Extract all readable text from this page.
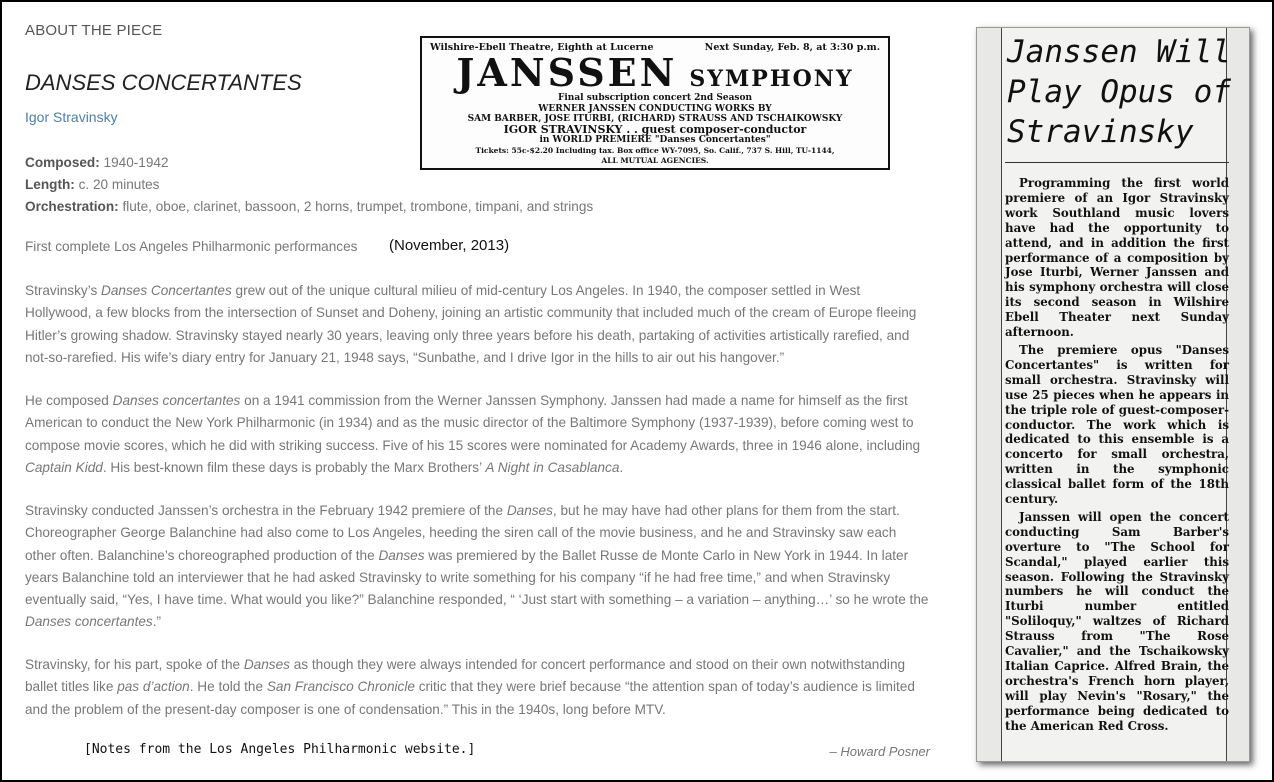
ABOUT THE PIECE
DANSES CONCERTANTES
Igor Stravinsky
Composed: 1940-1942
Length: c. 20 minutes
Orchestration: flute, oboe, clarinet, bassoon, 2 horns, trumpet, trombone, timpani, and strings
First complete Los Angeles Philharmonic performances (November, 2013)

Stravinsky’s Danses Concertantes grew out of the unique cultural milieu of mid-century Los Angeles. In 1940, the composer settled in West Hollywood, a few blocks from the intersection of Sunset and Doheny, joining an artistic community that included much of the cream of Europe fleeing Hitler’s growing shadow. Stravinsky stayed nearly 30 years, leaving only three years before his death, partaking of activities artistically rarefied, and not-so-rarefied. His wife’s diary entry for January 21, 1948 says, “Sunbathe, and I drive Igor in the hills to air out his hangover.”

He composed Danses concertantes on a 1941 commission from the Werner Janssen Symphony. Janssen had made a name for himself as the first American to conduct the New York Philharmonic (in 1934) and as the music director of the Baltimore Symphony (1937-1939), before coming west to compose movie scores, which he did with striking success. Five of his 15 scores were nominated for Academy Awards, three in 1946 alone, including Captain Kidd. His best-known film these days is probably the Marx Brothers’ A Night in Casablanca.

Stravinsky conducted Janssen’s orchestra in the February 1942 premiere of the Danses, but he may have had other plans for them from the start. Choreographer George Balanchine had also come to Los Angeles, heeding the siren call of the movie business, and he and Stravinsky saw each other often. Balanchine’s choreographed production of the Danses was premiered by the Ballet Russe de Monte Carlo in New York in 1944. In later years Balanchine told an interviewer that he had asked Stravinsky to write something for his company “if he had free time,” and when Stravinsky eventually said, “Yes, I have time. What would you like?” Balanchine responded, “ ‘Just start with something – a variation – anything…’ so he wrote the Danses concertantes.”

Stravinsky, for his part, spoke of the Danses as though they were always intended for concert performance and stood on their own notwithstanding ballet titles like pas d’action. He told the San Francisco Chronicle critic that they were brief because “the attention span of today’s audience is limited and the problem of the present-day composer is one of condensation.” This in the 1940s, long before MTV.

[Notes from the Los Angeles Philharmonic website.]	– Howard Posner
Wilshire-Ebell Theatre, Eighth at Lucerne	Next Sunday, Feb. 8, at 3:30 p.m.
JANSSEN SYMPHONY
Final subscription concert 2nd Season
WERNER JANSSEN CONDUCTING WORKS BY
SAM BARBER, JOSE ITURBI, (RICHARD) STRAUSS AND TSCHAIKOWSKY
IGOR STRAVINSKY . . guest composer-conductor
in WORLD PREMIERE "Danses Concertantes"
Tickets: 55c-$2.20 Including tax. Box office WY-7095, So. Calif., 737 S. Hill, TU-1144,
ALL MUTUAL AGENCIES.
Janssen Will Play Opus of Stravinsky

Programming the first world premiere of an Igor Stravinsky work Southland music lovers have had the opportunity to attend, and in addition the first performance of a composition by Jose Iturbi, Werner Janssen and his symphony orchestra will close its second season in Wilshire Ebell Theater next Sunday afternoon.

The premiere opus "Danses Concertantes" is written for small orchestra. Stravinsky will use 25 pieces when he appears in the triple role of guest-composer-conductor. The work which is dedicated to this ensemble is a concerto for small orchestra, written in the symphonic classical ballet form of the 18th century.

Janssen will open the concert conducting Sam Barber's overture to "The School for Scandal," played earlier this season. Following the Stravinsky numbers he will conduct the Iturbi number entitled "Soliloquy," waltzes of Richard Strauss from "The Rose Cavalier," and the Tschaikowsky Italian Caprice. Alfred Brain, the orchestra's French horn player, will play Nevin's "Rosary," the performance being dedicated to the American Red Cross.
